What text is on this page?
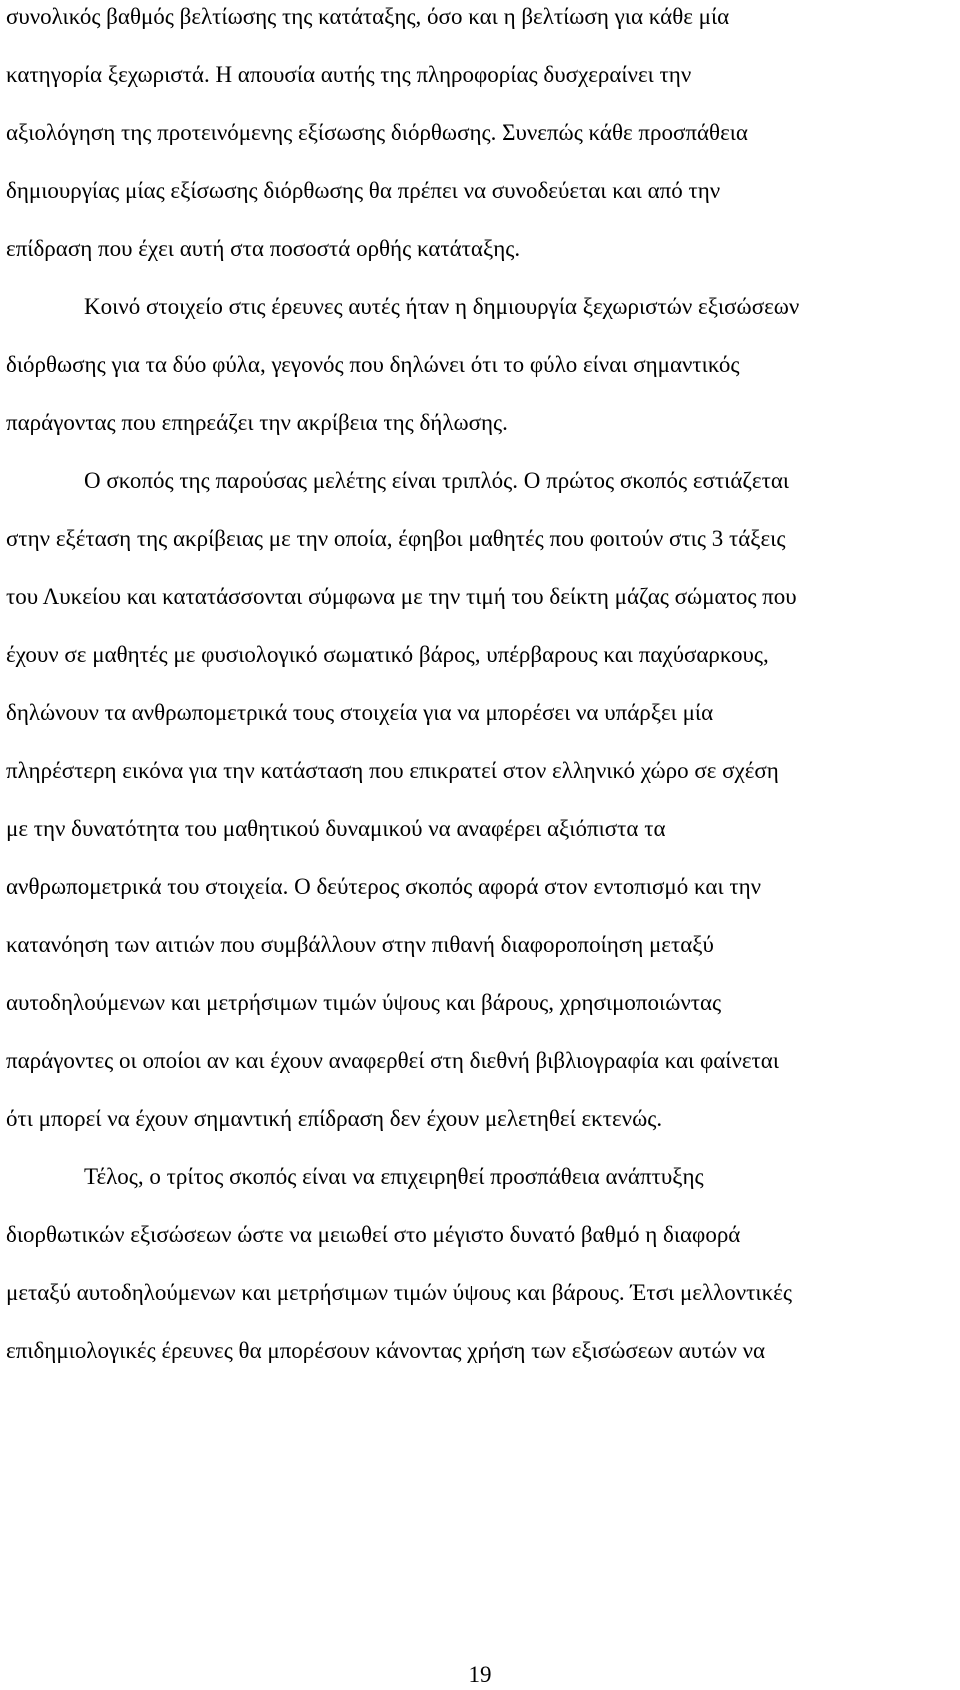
συνολικός βαθμός βελτίωσης της κατάταξης, όσο και η βελτίωση για κάθε μία
κατηγορία ξεχωριστά. Η απουσία αυτής της πληροφορίας δυσχεραίνει την
αξιολόγηση της προτεινόμενης εξίσωσης διόρθωσης. Συνεπώς κάθε προσπάθεια
δημιουργίας μίας εξίσωσης διόρθωσης θα πρέπει να συνοδεύεται και από την
επίδραση που έχει αυτή στα ποσοστά ορθής κατάταξης.
Κοινό στοιχείο στις έρευνες αυτές ήταν η δημιουργία ξεχωριστών εξισώσεων
διόρθωσης για τα δύο φύλα, γεγονός που δηλώνει ότι το φύλο είναι σημαντικός
παράγοντας που επηρεάζει την ακρίβεια της δήλωσης.
Ο σκοπός της παρούσας μελέτης είναι τριπλός. Ο πρώτος σκοπός εστιάζεται
στην εξέταση της ακρίβειας με την οποία, έφηβοι μαθητές που φοιτούν στις 3 τάξεις
του Λυκείου και κατατάσσονται σύμφωνα με την τιμή του δείκτη μάζας σώματος που
έχουν σε μαθητές με φυσιολογικό σωματικό βάρος, υπέρβαρους και παχύσαρκους,
δηλώνουν τα ανθρωπομετρικά τους στοιχεία για να μπορέσει να υπάρξει μία
πληρέστερη εικόνα για την κατάσταση που επικρατεί στον ελληνικό χώρο σε σχέση
με την δυνατότητα του μαθητικού δυναμικού να αναφέρει αξιόπιστα τα
ανθρωπομετρικά του στοιχεία. Ο δεύτερος σκοπός αφορά στον εντοπισμό και την
κατανόηση των αιτιών που συμβάλλουν στην πιθανή διαφοροποίηση μεταξύ
αυτοδηλούμενων και μετρήσιμων τιμών ύψους και βάρους, χρησιμοποιώντας
παράγοντες οι οποίοι αν και έχουν αναφερθεί στη διεθνή βιβλιογραφία και φαίνεται
ότι μπορεί να έχουν σημαντική επίδραση δεν έχουν μελετηθεί εκτενώς.
Τέλος, ο τρίτος σκοπός είναι να επιχειρηθεί προσπάθεια ανάπτυξης
διορθωτικών εξισώσεων ώστε να μειωθεί στο μέγιστο δυνατό βαθμό η διαφορά
μεταξύ αυτοδηλούμενων και μετρήσιμων τιμών ύψους και βάρους. Έτσι μελλοντικές
επιδημιολογικές έρευνες θα μπορέσουν κάνοντας χρήση των εξισώσεων αυτών να
19
